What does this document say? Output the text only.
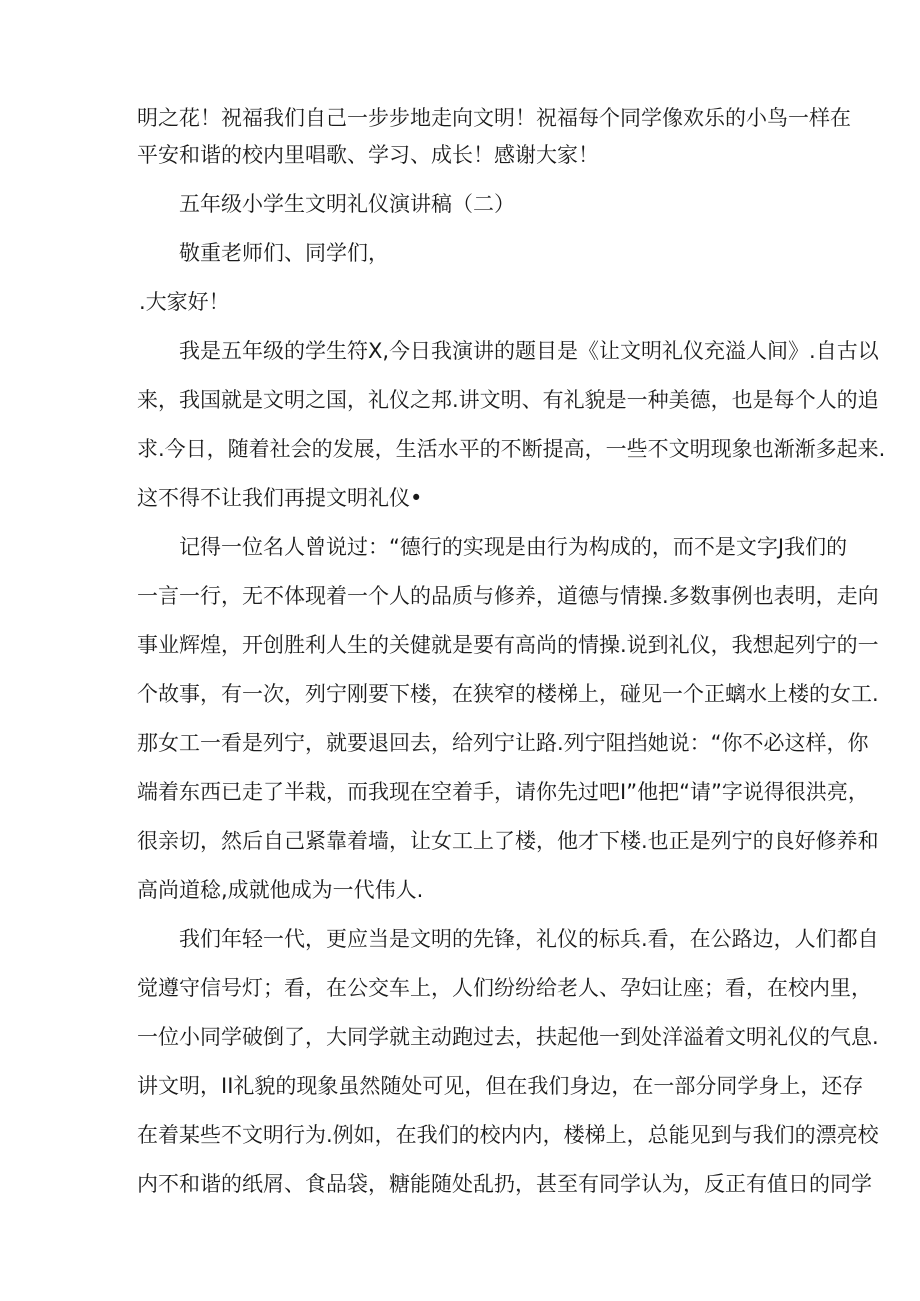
明之花！祝福我们自己一步步地走向文明！祝福每个同学像欢乐的小鸟一样在
平安和谐的校内里唱歌、学习、成长！感谢大家！
五年级小学生文明礼仪演讲稿（二）
敬重老师们、同学们，
.大家好！
我是五年级的学生符X,今日我演讲的题目是《让文明礼仪充溢人间》.自古以
来，我国就是文明之国，礼仪之邦.讲文明、有礼貌是一种美德，也是每个人的追
求.今日，随着社会的发展，生活水平的不断提高，一些不文明现象也渐渐多起来.
这不得不让我们再提文明礼仪•
记得一位名人曾说过：“德行的实现是由行为构成的，而不是文字J我们的
一言一行，无不体现着一个人的品质与修养，道德与情操.多数事例也表明，走向
事业辉煌，开创胜利人生的关健就是要有高尚的情操.说到礼仪，我想起列宁的一
个故事，有一次，列宁刚要下楼，在狭窄的楼梯上，碰见一个正螭水上楼的女工.
那女工一看是列宁，就要退回去，给列宁让路.列宁阻挡她说：“你不必这样，你
端着东西已走了半栽，而我现在空着手，请你先过吧I”他把“请”字说得很洪亮，
很亲切，然后自己紧靠着墙，让女工上了楼，他才下楼.也正是列宁的良好修养和
高尚道稔,成就他成为一代伟人.
我们年轻一代，更应当是文明的先锋，礼仪的标兵.看，在公路边，人们都自
觉遵守信号灯；看，在公交车上，人们纷纷给老人、孕妇让座；看，在校内里，
一位小同学破倒了，大同学就主动跑过去，扶起他一到处洋溢着文明礼仪的气息.
讲文明，II礼貌的现象虽然随处可见，但在我们身边，在一部分同学身上，还存
在着某些不文明行为.例如，在我们的校内内，楼梯上，总能见到与我们的漂亮校
内不和谐的纸屑、食品袋，糖能随处乱扔，甚至有同学认为，反正有值日的同学
